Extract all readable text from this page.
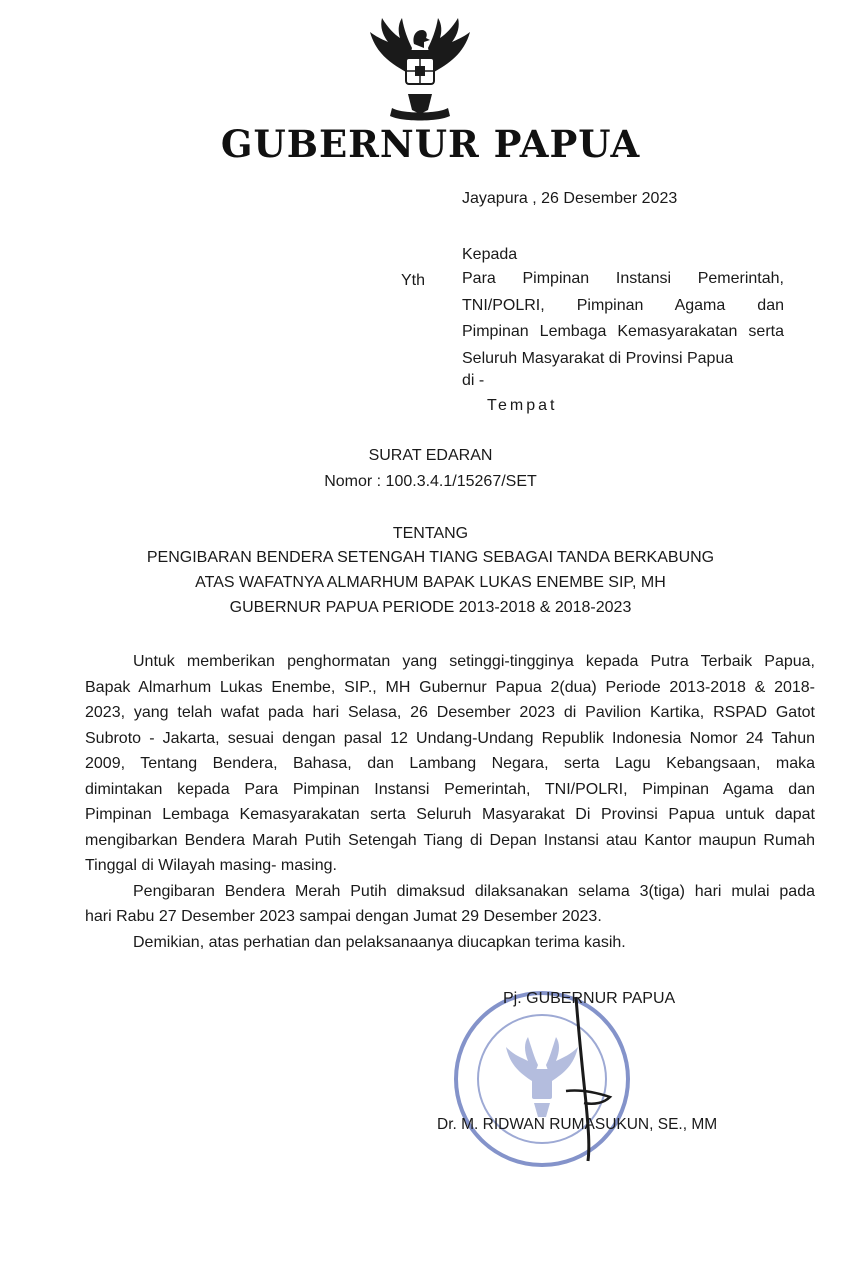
GUBERNUR PAPUA
Jayapura , 26 Desember 2023
Kepada
Yth Para Pimpinan Instansi Pemerintah,
TNI/POLRI, Pimpinan Agama dan
Pimpinan Lembaga Kemasyarakatan serta
Seluruh Masyarakat di Provinsi Papua
di -
Tempat
SURAT EDARAN
Nomor : 100.3.4.1/15267/SET
TENTANG
PENGIBARAN BENDERA SETENGAH TIANG SEBAGAI TANDA BERKABUNG
ATAS WAFATNYA ALMARHUM BAPAK LUKAS ENEMBE SIP, MH
GUBERNUR PAPUA PERIODE 2013-2018 & 2018-2023

Untuk memberikan penghormatan yang setinggi-tingginya kepada Putra Terbaik Papua,
Bapak Almarhum Lukas Enembe, SIP., MH Gubernur Papua 2(dua) Periode 2013-2018 & 2018-
2023, yang telah wafat pada hari Selasa, 26 Desember 2023 di Pavilion Kartika, RSPAD Gatot
Subroto - Jakarta, sesuai dengan pasal 12 Undang-Undang Republik Indonesia Nomor 24 Tahun
2009, Tentang Bendera, Bahasa, dan Lambang Negara, serta Lagu Kebangsaan, maka
dimintakan kepada Para Pimpinan Instansi Pemerintah, TNI/POLRI, Pimpinan Agama dan
Pimpinan Lembaga Kemasyarakatan serta Seluruh Masyarakat Di Provinsi Papua untuk dapat
mengibarkan Bendera Marah Putih Setengah Tiang di Depan Instansi atau Kantor maupun Rumah
Tinggal di Wilayah masing- masing.

Pengibaran Bendera Merah Putih dimaksud dilaksanakan selama 3(tiga) hari mulai pada
hari Rabu 27 Desember 2023 sampai dengan Jumat 29 Desember 2023.

Demikian, atas perhatian dan pelaksanaanya diucapkan terima kasih.

Pj. GUBERNUR PAPUA
Dr. M. RIDWAN RUMASUKUN, SE., MM
